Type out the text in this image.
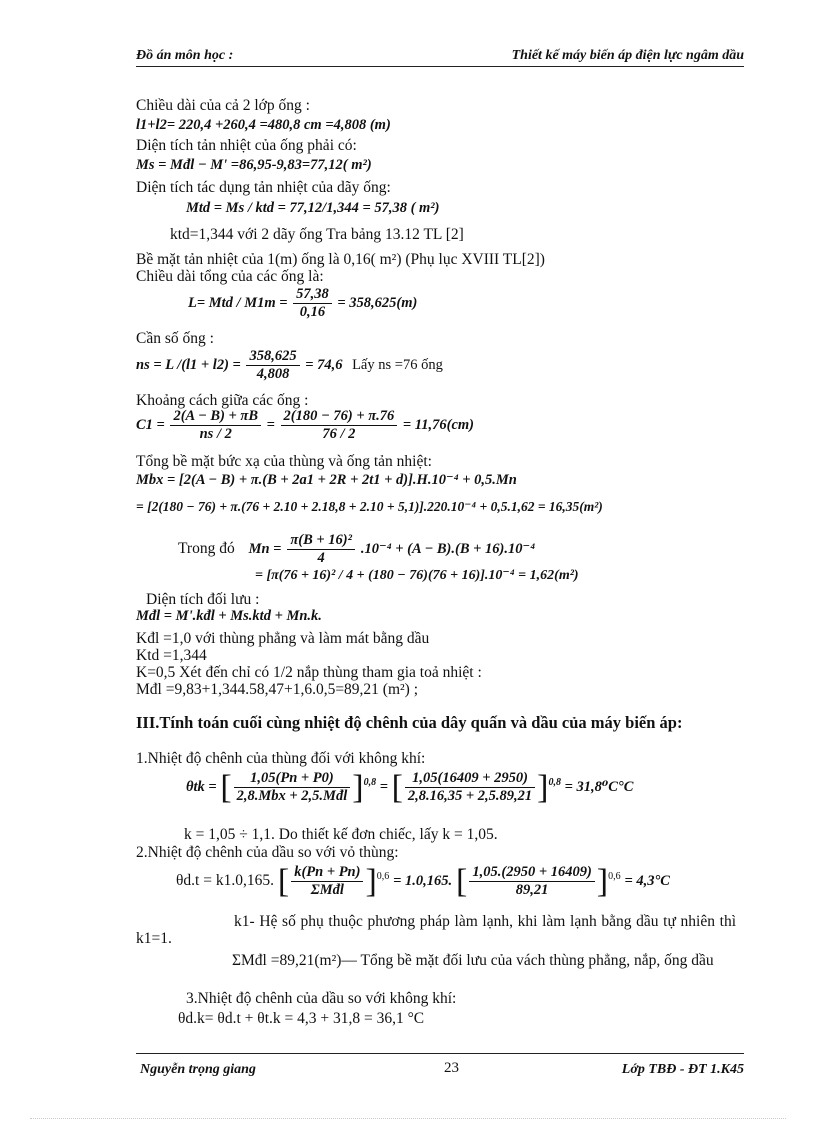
Đồ án môn học :	Thiết kế máy biến áp điện lực ngâm dầu
Chiều dài của cả 2 lớp ống :
l1+l2= 220,4 +260,4 =480,8 cm =4,808 (m)
Diện tích tản nhiệt của ống phải có:
Ms = Mđl − M' =86,95-9,83=77,12( m²)
Diện tích tác dụng tản nhiệt của dãy ống:
Mtd = Ms / ktd = 77,12/1,344 = 57,38 ( m²)
ktd=1,344 với 2 dãy ống Tra bảng 13.12 TL [2]
Bề mặt tản nhiệt của 1(m) ống là 0,16( m²) (Phụ lục XVIII TL[2])
Chiều dài tổng của các ống là:
L= Mtd / $M1m = \frac{57,38}{0,16} = 358,625(m)$
Cần số ống :
ns = L $/(l1 + l2) = \frac{358,625}{4,808} = 74,6$ Lấy ns =76 ống
Khoảng cách giữa các ống :
$C1 = \frac{2(A - B) + \pi B}{ns / 2} = \frac{2(180 - 76) + \pi.76}{76 / 2} = 11,76(cm)$
Tổng bề mặt bức xạ của thùng và ống tản nhiệt:
Mbx = [2(A − B) + π.(B + 2a1 + 2R + 2t1 + d)].H.10⁻⁴ + 0,5.Mn
= [2(180 − 76) + π.(76 + 2.10 + 2.18,8 + 2.10 + 5,1)].220.10⁻⁴ + 0,5.1,62 = 16,35(m²)
Trong đó $Mn = \frac{\text{π(B + 16)²}}{4} .10^{-4} + (A - B).(B + 16).10^{-4}$
= [π(76 + 16)² / 4 + (180 − 76)(76 + 16)].10⁻⁴ = 1,62(m²)
Diện tích đối lưu :
Mđl = M'.kđl + Ms.ktd + Mn.k.
Kđl =1,0 với thùng phẳng và làm mát bằng dầu
Ktd =1,344
K=0,5 Xét đến chỉ có 1/2 nắp thùng tham gia toả nhiệt :
Mđl =9,83+1,344.58,47+1,6.0,5=89,21 (m²) ;
III.Tính toán cuối cùng nhiệt độ chênh của dây quấn và dầu của máy biến áp:
1.Nhiệt độ chênh của thùng đối với không khí:
θtk = [ $\frac{1,05(Pn + P0)}{\text{2,8.Mbx + 2,5.Mđl}} ]^{0,8}$ = [ $\frac{1,05(16409 + 2950)}{2,8.16,35 + 2,5.89,21} ]^{0,8} = 31,8^0C^\circ C$
k = 1,05 ÷ 1,1. Do thiết kế đơn chiếc, lấy k = 1,05.
2.Nhiệt độ chênh của dầu so với vỏ thùng:
θd.t = k1.0,165. [ $\frac{k(Pn + Pn)}{\text{ΣMđl}} ]^{0,6} = 1.0,165$. [ $\frac{1,05.(2950 + 16409)}{89,21} ]^{0,6} = 4,3^\circ C$
k1- Hệ số phụ thuộc phương pháp làm lạnh, khi làm lạnh bằng dầu tự nhiên thì k1=1.
ΣMđl =89,21(m²)— Tổng bề mặt đối lưu của vách thùng phẳng, nắp, ống dầu
3.Nhiệt độ chênh của dầu so với không khí:
θd.k= θd.t + θt.k = 4,3 + 31,8 = 36,1 °C
Nguyễn trọng giang	23	Lớp TBĐ - ĐT 1.K45
